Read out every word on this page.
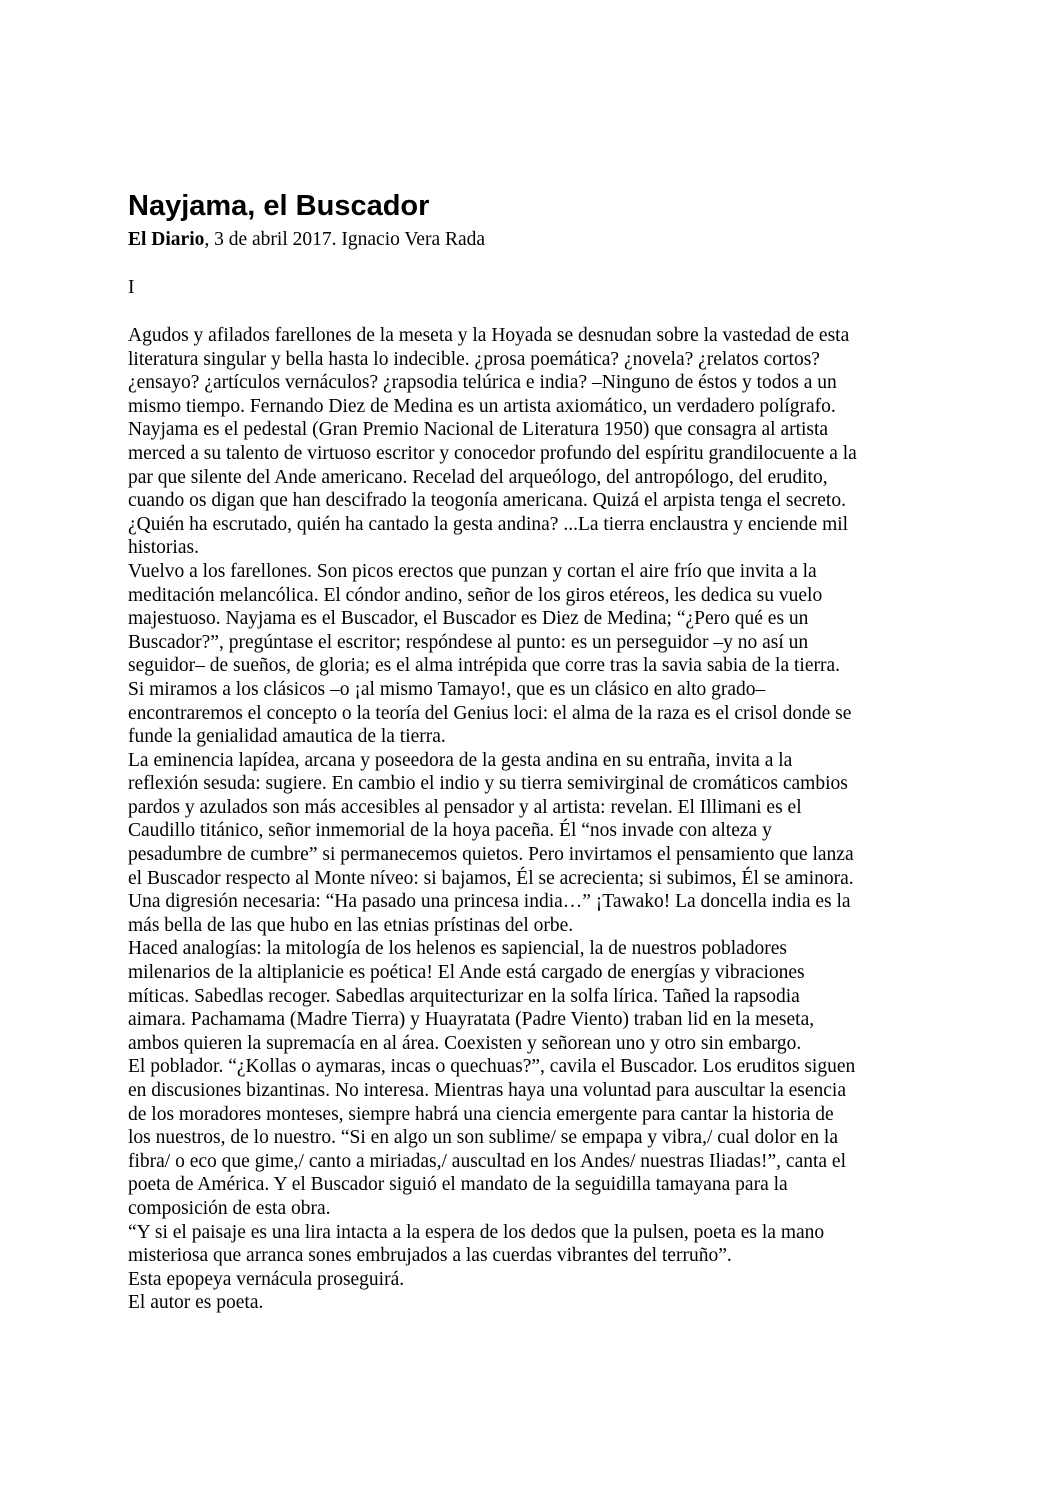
Nayjama, el Buscador

El Diario, 3 de abril 2017. Ignacio Vera Rada

I

Agudos y afilados farellones de la meseta y la Hoyada se desnudan sobre la vastedad de esta
literatura singular y bella hasta lo indecible. ¿prosa poemática? ¿novela? ¿relatos cortos?
¿ensayo? ¿artículos vernáculos? ¿rapsodia telúrica e india? –Ninguno de éstos y todos a un
mismo tiempo. Fernando Diez de Medina es un artista axiomático, un verdadero polígrafo.
Nayjama es el pedestal (Gran Premio Nacional de Literatura 1950) que consagra al artista
merced a su talento de virtuoso escritor y conocedor profundo del espíritu grandilocuente a la
par que silente del Ande americano. Recelad del arqueólogo, del antropólogo, del erudito,
cuando os digan que han descifrado la teogonía americana. Quizá el arpista tenga el secreto.
¿Quién ha escrutado, quién ha cantado la gesta andina? ...La tierra enclaustra y enciende mil
historias.
Vuelvo a los farellones. Son picos erectos que punzan y cortan el aire frío que invita a la
meditación melancólica. El cóndor andino, señor de los giros etéreos, les dedica su vuelo
majestuoso. Nayjama es el Buscador, el Buscador es Diez de Medina; “¿Pero qué es un
Buscador?”, pregúntase el escritor; respóndese al punto: es un perseguidor –y no así un
seguidor– de sueños, de gloria; es el alma intrépida que corre tras la savia sabia de la tierra.
Si miramos a los clásicos –o ¡al mismo Tamayo!, que es un clásico en alto grado–
encontraremos el concepto o la teoría del Genius loci: el alma de la raza es el crisol donde se
funde la genialidad amautica de la tierra.
La eminencia lapídea, arcana y poseedora de la gesta andina en su entraña, invita a la
reflexión sesuda: sugiere. En cambio el indio y su tierra semivirginal de cromáticos cambios
pardos y azulados son más accesibles al pensador y al artista: revelan. El Illimani es el
Caudillo titánico, señor inmemorial de la hoya paceña. Él “nos invade con alteza y
pesadumbre de cumbre” si permanecemos quietos. Pero invirtamos el pensamiento que lanza
el Buscador respecto al Monte níveo: si bajamos, Él se acrecienta; si subimos, Él se aminora.
Una digresión necesaria: “Ha pasado una princesa india…” ¡Tawako! La doncella india es la
más bella de las que hubo en las etnias prístinas del orbe.
Haced analogías: la mitología de los helenos es sapiencial, la de nuestros pobladores
milenarios de la altiplanicie es poética! El Ande está cargado de energías y vibraciones
míticas. Sabedlas recoger. Sabedlas arquitecturizar en la solfa lírica. Tañed la rapsodia
aimara. Pachamama (Madre Tierra) y Huayratata (Padre Viento) traban lid en la meseta,
ambos quieren la supremacía en al área. Coexisten y señorean uno y otro sin embargo.
El poblador. “¿Kollas o aymaras, incas o quechuas?”, cavila el Buscador. Los eruditos siguen
en discusiones bizantinas. No interesa. Mientras haya una voluntad para auscultar la esencia
de los moradores monteses, siempre habrá una ciencia emergente para cantar la historia de
los nuestros, de lo nuestro. “Si en algo un son sublime/ se empapa y vibra,/ cual dolor en la
fibra/ o eco que gime,/ canto a miriadas,/ auscultad en los Andes/ nuestras Iliadas!”, canta el
poeta de América. Y el Buscador siguió el mandato de la seguidilla tamayana para la
composición de esta obra.
“Y si el paisaje es una lira intacta a la espera de los dedos que la pulsen, poeta es la mano
misteriosa que arranca sones embrujados a las cuerdas vibrantes del terruño”.
Esta epopeya vernácula proseguirá.
El autor es poeta.
